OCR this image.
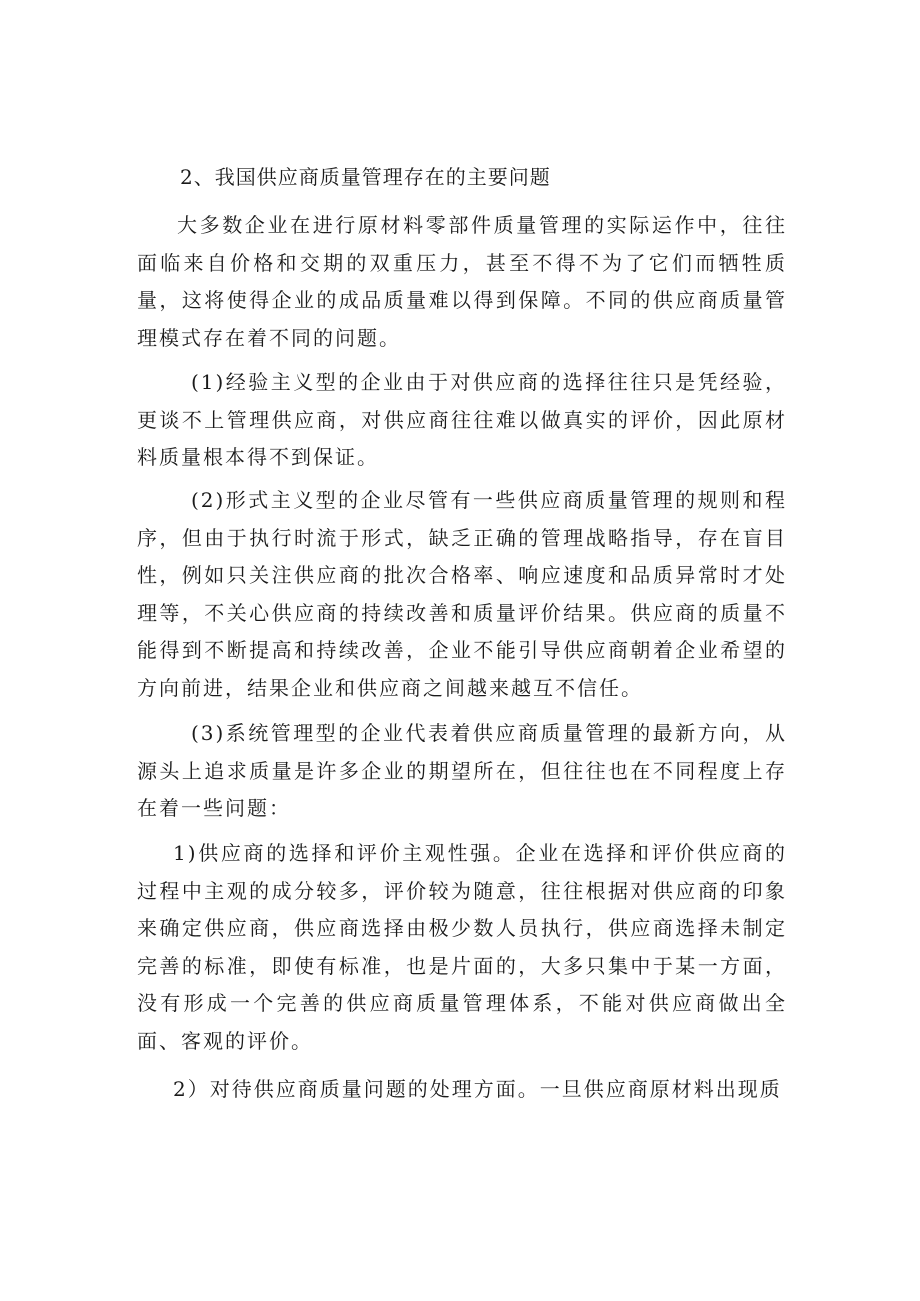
2、我国供应商质量管理存在的主要问题

大多数企业在进行原材料零部件质量管理的实际运作中，往往面临来自价格和交期的双重压力，甚至不得不为了它们而牺牲质量，这将使得企业的成品质量难以得到保障。不同的供应商质量管理模式存在着不同的问题。

(1)经验主义型的企业由于对供应商的选择往往只是凭经验，更谈不上管理供应商，对供应商往往难以做真实的评价，因此原材料质量根本得不到保证。

(2)形式主义型的企业尽管有一些供应商质量管理的规则和程序，但由于执行时流于形式，缺乏正确的管理战略指导，存在盲目性，例如只关注供应商的批次合格率、响应速度和品质异常时才处理等，不关心供应商的持续改善和质量评价结果。供应商的质量不能得到不断提高和持续改善，企业不能引导供应商朝着企业希望的方向前进，结果企业和供应商之间越来越互不信任。

(3)系统管理型的企业代表着供应商质量管理的最新方向，从源头上追求质量是许多企业的期望所在，但往往也在不同程度上存在着一些问题：

1)供应商的选择和评价主观性强。企业在选择和评价供应商的过程中主观的成分较多，评价较为随意，往往根据对供应商的印象来确定供应商，供应商选择由极少数人员执行，供应商选择未制定完善的标准，即使有标准，也是片面的，大多只集中于某一方面，没有形成一个完善的供应商质量管理体系，不能对供应商做出全面、客观的评价。

2）对待供应商质量问题的处理方面。一旦供应商原材料出现质
